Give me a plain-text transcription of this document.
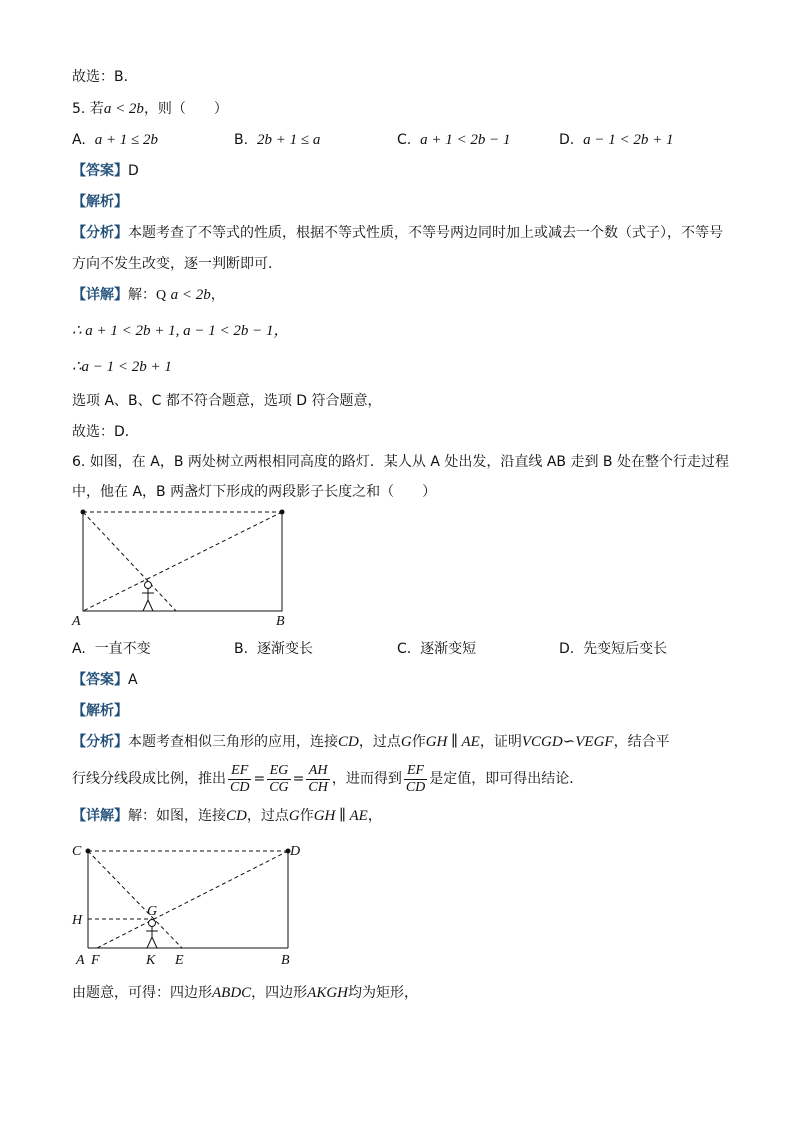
故选：B．
5. 若a < 2b，则（　　）
A. a + 1 ≤ 2b	B. 2b + 1 ≤ a	C. a + 1 < 2b − 1	D. a − 1 < 2b + 1
【答案】D
【解析】
【分析】本题考查了不等式的性质，根据不等式性质，不等号两边同时加上或减去一个数（式子），不等号
方向不发生改变，逐一判断即可．
【详解】解：Q a < 2b，
∴ a + 1 < 2b + 1, a − 1 < 2b − 1，
∴a − 1 < 2b + 1
选项 A、B、C 都不符合题意，选项 D 符合题意，
故选：D．
6. 如图，在 A，B 两处树立两根相同高度的路灯．某人从 A 处出发，沿直线 AB 走到 B 处在整个行走过程
中，他在 A，B 两盏灯下形成的两段影子长度之和（　　）
A	B
A. 一直不变	B. 逐渐变长	C. 逐渐变短	D. 先变短后变长
【答案】A
【解析】
【分析】本题考查相似三角形的应用，连接CD，过点G作GH ∥ AE，证明VCGD∽VEGF，结合平
行线分线段成比例，推出 $\frac{EF}{CD} = \frac{EG}{CG} = \frac{AH}{CH}$ ，进而得到 $\frac{EF}{CD}$ 是定值，即可得出结论．
【详解】解：如图，连接CD，过点G作GH ∥ AE，
C	D
G
H
A F	K E	B
由题意，可得：四边形ABDC，四边形AKGH均为矩形，
